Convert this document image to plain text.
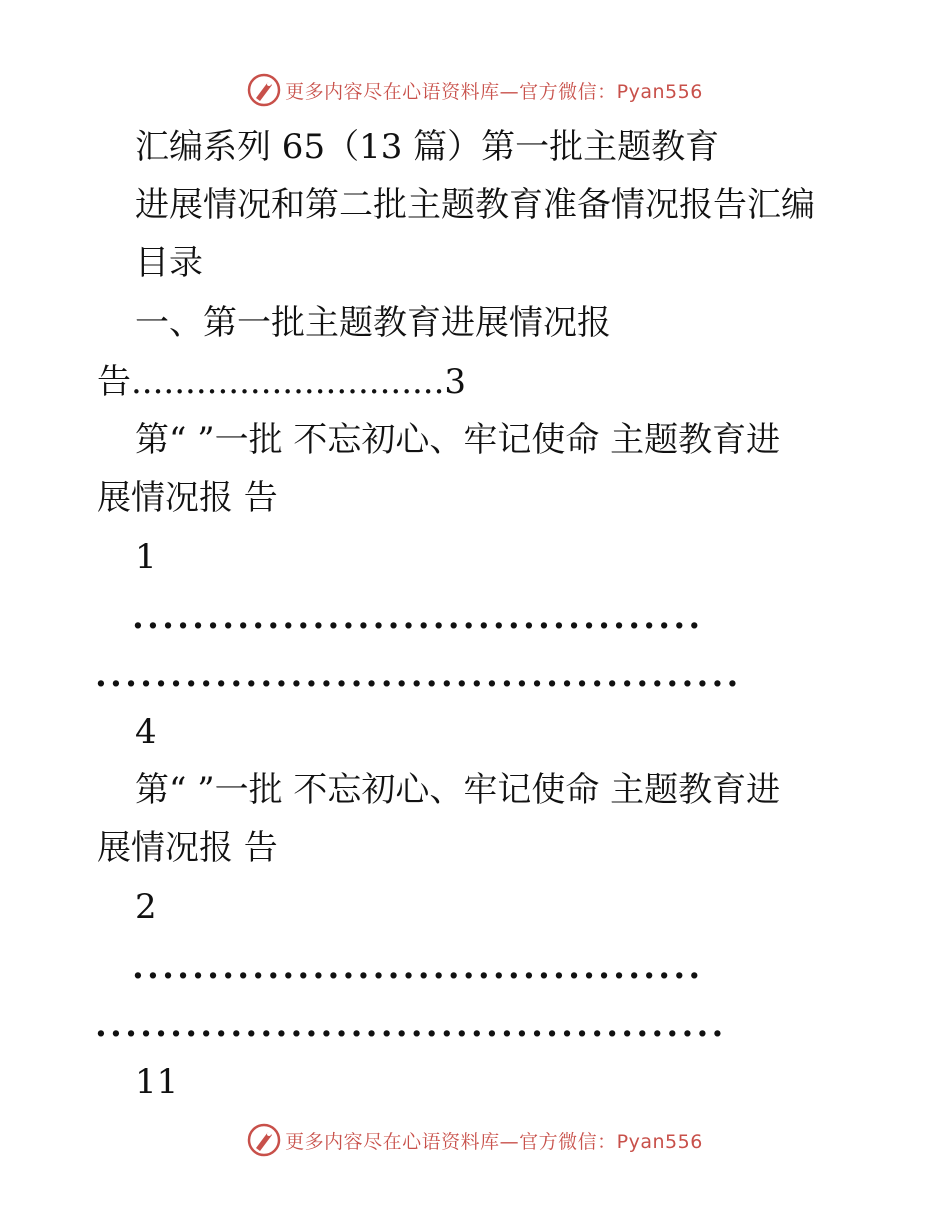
更多内容尽在心语资料库—官方微信：Pyan556
汇编系列 65（13 篇）第一批主题教育
进展情况和第二批主题教育准备情况报告汇编
目录
一、第一批主题教育进展情况报
告.............................3
第“ ”一批 不忘初心、牢记使命 主题教育进
展情况报 告
1
......................................
...........................................
4
第“ ”一批 不忘初心、牢记使命 主题教育进
展情况报 告
2
......................................
..........................................
11
更多内容尽在心语资料库—官方微信：Pyan556
